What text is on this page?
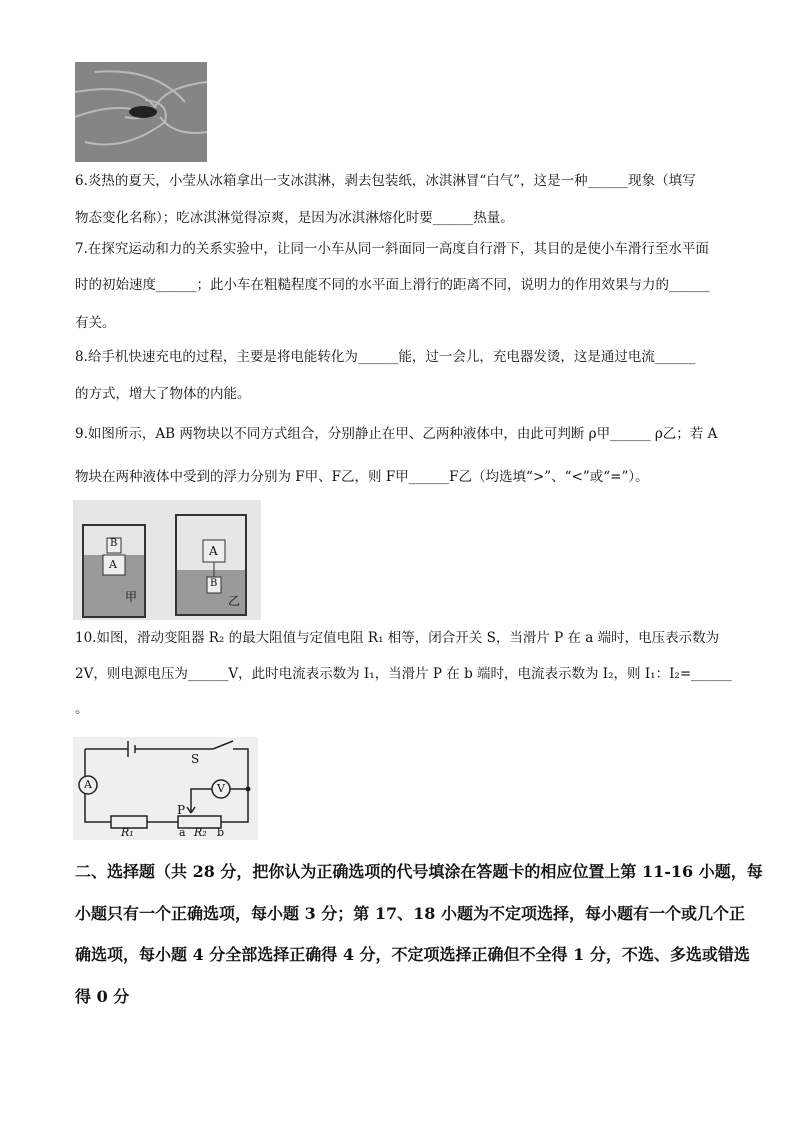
6.炎热的夏天，小莹从冰箱拿出一支冰淇淋，剥去包装纸，冰淇淋冒“白气”，这是一种______现象（填写
物态变化名称）；吃冰淇淋觉得凉爽，是因为冰淇淋熔化时要______热量。
7.在探究运动和力的关系实验中，让同一小车从同一斜面同一高度自行滑下，其目的是使小车滑行至水平面
时的初始速度______；此小车在粗糙程度不同的水平面上滑行的距离不同，说明力的作用效果与力的______
有关。
8.给手机快速充电的过程，主要是将电能转化为______能，过一会儿，充电器发烫，这是通过电流______
的方式，增大了物体的内能。
9.如图所示，AB 两物块以不同方式组合，分别静止在甲、乙两种液体中，由此可判断 ρ甲______ ρ乙；若 A
物块在两种液体中受到的浮力分别为 F甲、F乙，则 F甲______F乙（均选填“>”、“<”或“=”）。
B
A
A
B
甲	乙
10.如图，滑动变阻器 R₂ 的最大阻值与定值电阻 R₁ 相等，闭合开关 S，当滑片 P 在 a 端时，电压表示数为
2V，则电源电压为______V，此时电流表示数为 I₁，当滑片 P 在 b 端时，电流表示数为 I₂，则 I₁：I₂=______
。
A	V
S
P
R₁	a R₂ b
二、选择题（共 28 分，把你认为正确选项的代号填涂在答题卡的相应位置上第 11-16 小题，每
小题只有一个正确选项，每小题 3 分；第 17、18 小题为不定项选择，每小题有一个或几个正
确选项，每小题 4 分全部选择正确得 4 分，不定项选择正确但不全得 1 分，不选、多选或错选
得 0 分
